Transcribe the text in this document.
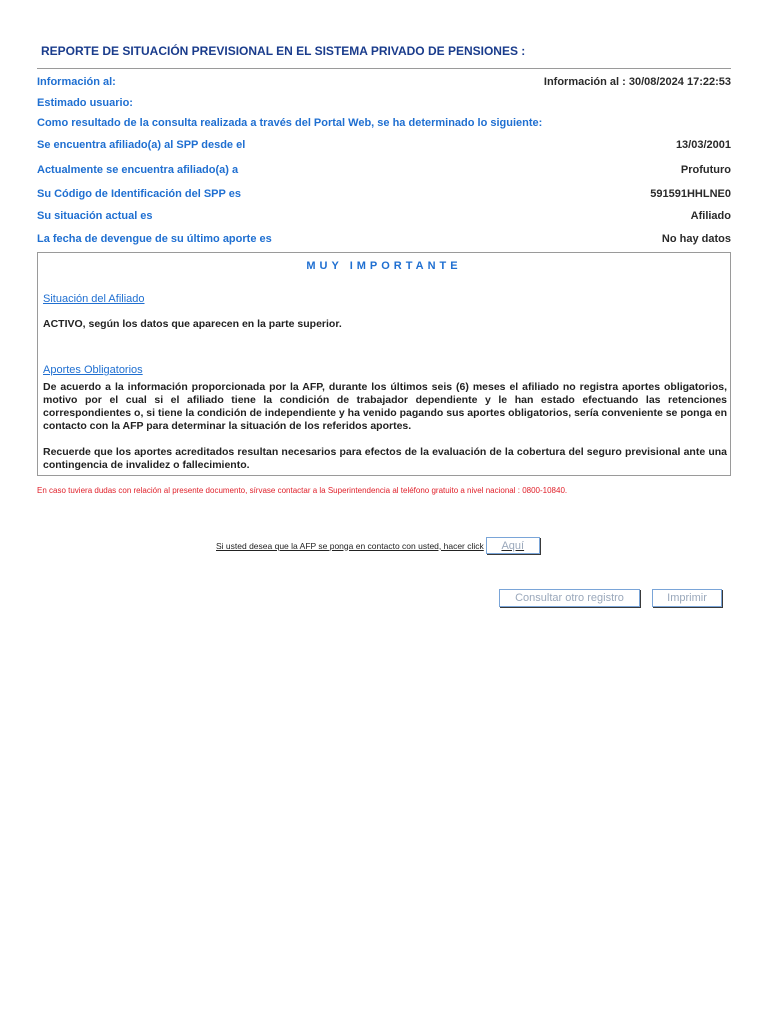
REPORTE DE SITUACIÓN PREVISIONAL EN EL SISTEMA PRIVADO DE PENSIONES :
Información al:	Información al : 30/08/2024 17:22:53
Estimado usuario:
Como resultado de la consulta realizada a través del Portal Web, se ha determinado lo siguiente:
Se encuentra afiliado(a) al SPP desde el	13/03/2001
Actualmente se encuentra afiliado(a) a	Profuturo
Su Código de Identificación del SPP es	591591HHLNE0
Su situación actual es	Afiliado
La fecha de devengue de su último aporte es	No hay datos
MUY IMPORTANTE
Situación del Afiliado
ACTIVO, según los datos que aparecen en la parte superior.
Aportes Obligatorios
De acuerdo a la información proporcionada por la AFP, durante los últimos seis (6) meses el afiliado no registra aportes obligatorios, motivo por el cual si el afiliado tiene la condición de trabajador dependiente y le han estado efectuando las retenciones correspondientes o, si tiene la condición de independiente y ha venido pagando sus aportes obligatorios, sería conveniente se ponga en contacto con la AFP para determinar la situación de los referidos aportes.
Recuerde que los aportes acreditados resultan necesarios para efectos de la evaluación de la cobertura del seguro previsional ante una contingencia de invalidez o fallecimiento.
En caso tuviera dudas con relación al presente documento, sírvase contactar a la Superintendencia al teléfono gratuito a nivel nacional : 0800-10840.
Si usted desea que la AFP se ponga en contacto con usted, hacer click	Aquí
Consultar otro registro	Imprimir
